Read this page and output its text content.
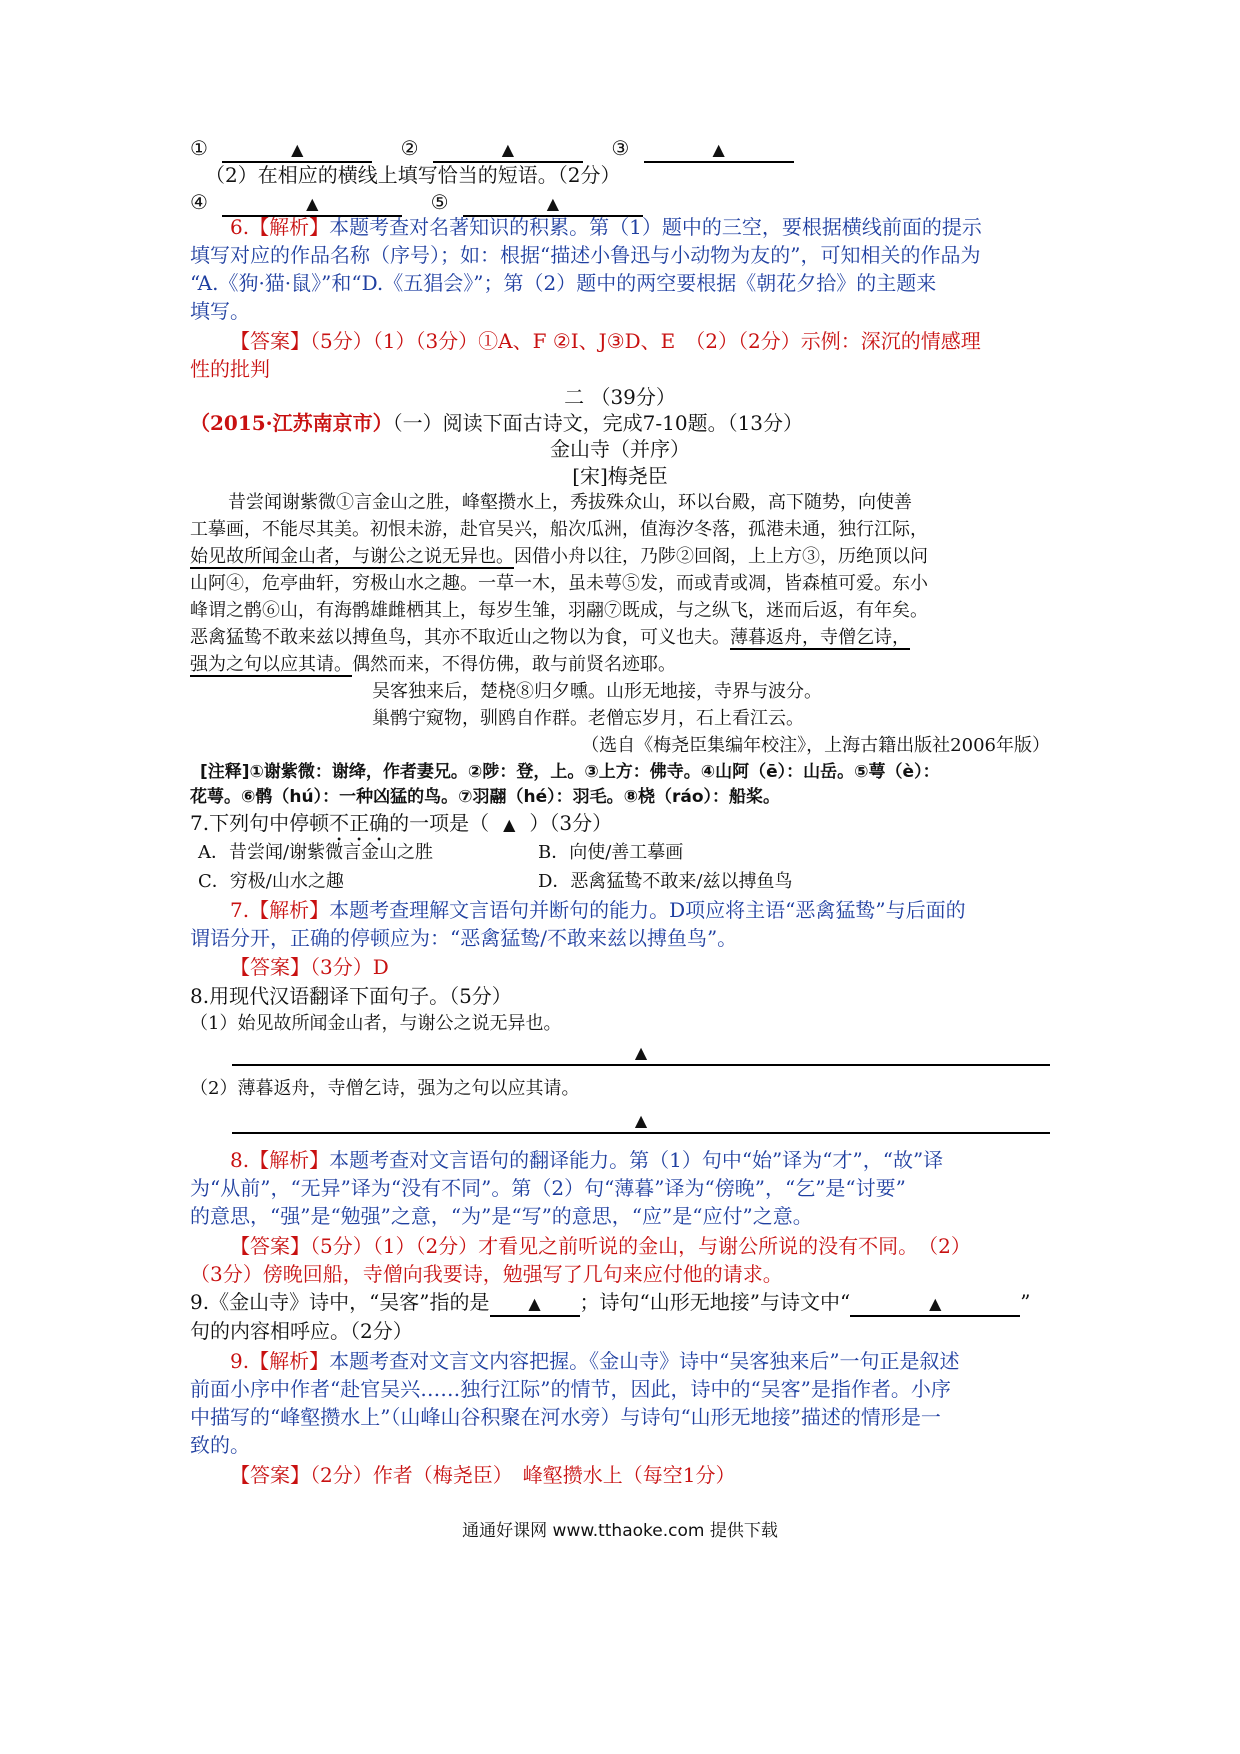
①	▲	②	▲	③	▲
（2）在相应的横线上填写恰当的短语。（2分）
④	▲	⑤	▲
6.【解析】本题考查对名著知识的积累。第（1）题中的三空，要根据横线前面的提示
填写对应的作品名称（序号）；如：根据“描述小鲁迅与小动物为友的”，可知相关的作品为
“A.《狗·猫·鼠》”和“D.《五猖会》”；第（2）题中的两空要根据《朝花夕拾》的主题来
填写。
【答案】（5分）（1）（3分）①A、F ②I、J③D、E　（2）（2分）示例：深沉的情感理
性的批判
二 （39分）
（2015·江苏南京市）（一）阅读下面古诗文，完成7-10题。（13分）
金山寺（并序）
[宋]梅尧臣
昔尝闻谢紫微①言金山之胜，峰壑攒水上，秀拔殊众山，环以台殿，高下随势，向使善
工摹画，不能尽其美。初恨未游，赴官吴兴，船次瓜洲，值海汐冬落，孤港未通，独行江际，
始见故所闻金山者，与谢公之说无异也。因借小舟以往，乃陟②回阁，上上方③，历绝顶以问
山阿④，危亭曲轩，穷极山水之趣。一草一木，虽未萼⑤发，而或青或凋，皆森植可爱。东小
峰谓之鹘⑥山，有海鹘雄雌栖其上，每岁生雏，羽翮⑦既成，与之纵飞，迷而后返，有年矣。
恶禽猛鸷不敢来兹以搏鱼鸟，其亦不取近山之物以为食，可义也夫。薄暮返舟，寺僧乞诗，
强为之句以应其请。偶然而来，不得仿佛，敢与前贤名迹耶。
吴客独来后，楚桡⑧归夕曛。山形无地接，寺界与波分。
巢鹘宁窥物，驯鸥自作群。老僧忘岁月，石上看江云。
（选自《梅尧臣集编年校注》，上海古籍出版社2006年版）
[注释]①谢紫微：谢绛，作者妻兄。②陟：登，上。③上方：佛寺。④山阿（ē）：山岳。⑤萼（è）：
花萼。⑥鹘（hú）：一种凶猛的鸟。⑦羽翮（hé）：羽毛。⑧桡（ráo）：船桨。
7.下列句中停顿不正确的一项是（ ▲ ）（3分）
A．昔尝闻/谢紫微言金山之胜	B．向使/善工摹画
C．穷极/山水之趣	D．恶禽猛鸷不敢来/兹以搏鱼鸟
7.【解析】本题考查理解文言语句并断句的能力。D项应将主语“恶禽猛鸷”与后面的
谓语分开，正确的停顿应为：“恶禽猛鸷/不敢来兹以搏鱼鸟”。
【答案】（3分）D
8.用现代汉语翻译下面句子。（5分）
（1）始见故所闻金山者，与谢公之说无异也。
▲
（2）薄暮返舟，寺僧乞诗，强为之句以应其请。
▲
8.【解析】本题考查对文言语句的翻译能力。第（1）句中“始”译为“才”，“故”译
为“从前”，“无异”译为“没有不同”。第（2）句“薄暮”译为“傍晚”，“乞”是“讨要”
的意思，“强”是“勉强”之意，“为”是“写”的意思，“应”是“应付”之意。
【答案】（5分）（1）（2分）才看见之前听说的金山，与谢公所说的没有不同。　（2）
（3分）傍晚回船，寺僧向我要诗，勉强写了几句来应付他的请求。
9.《金山寺》诗中，“吴客”指的是 ▲ ；诗句“山形无地接”与诗文中“	▲	”
句的内容相呼应。（2分）
9.【解析】本题考查对文言文内容把握。《金山寺》诗中“吴客独来后”一句正是叙述
前面小序中作者“赴官吴兴……独行江际”的情节，因此，诗中的“吴客”是指作者。小序
中描写的“峰壑攒水上”（山峰山谷积聚在河水旁）与诗句“山形无地接”描述的情形是一
致的。
【答案】（2分）作者（梅尧臣）　峰壑攒水上（每空1分）
通通好课网 www.tthaoke.com 提供下载
